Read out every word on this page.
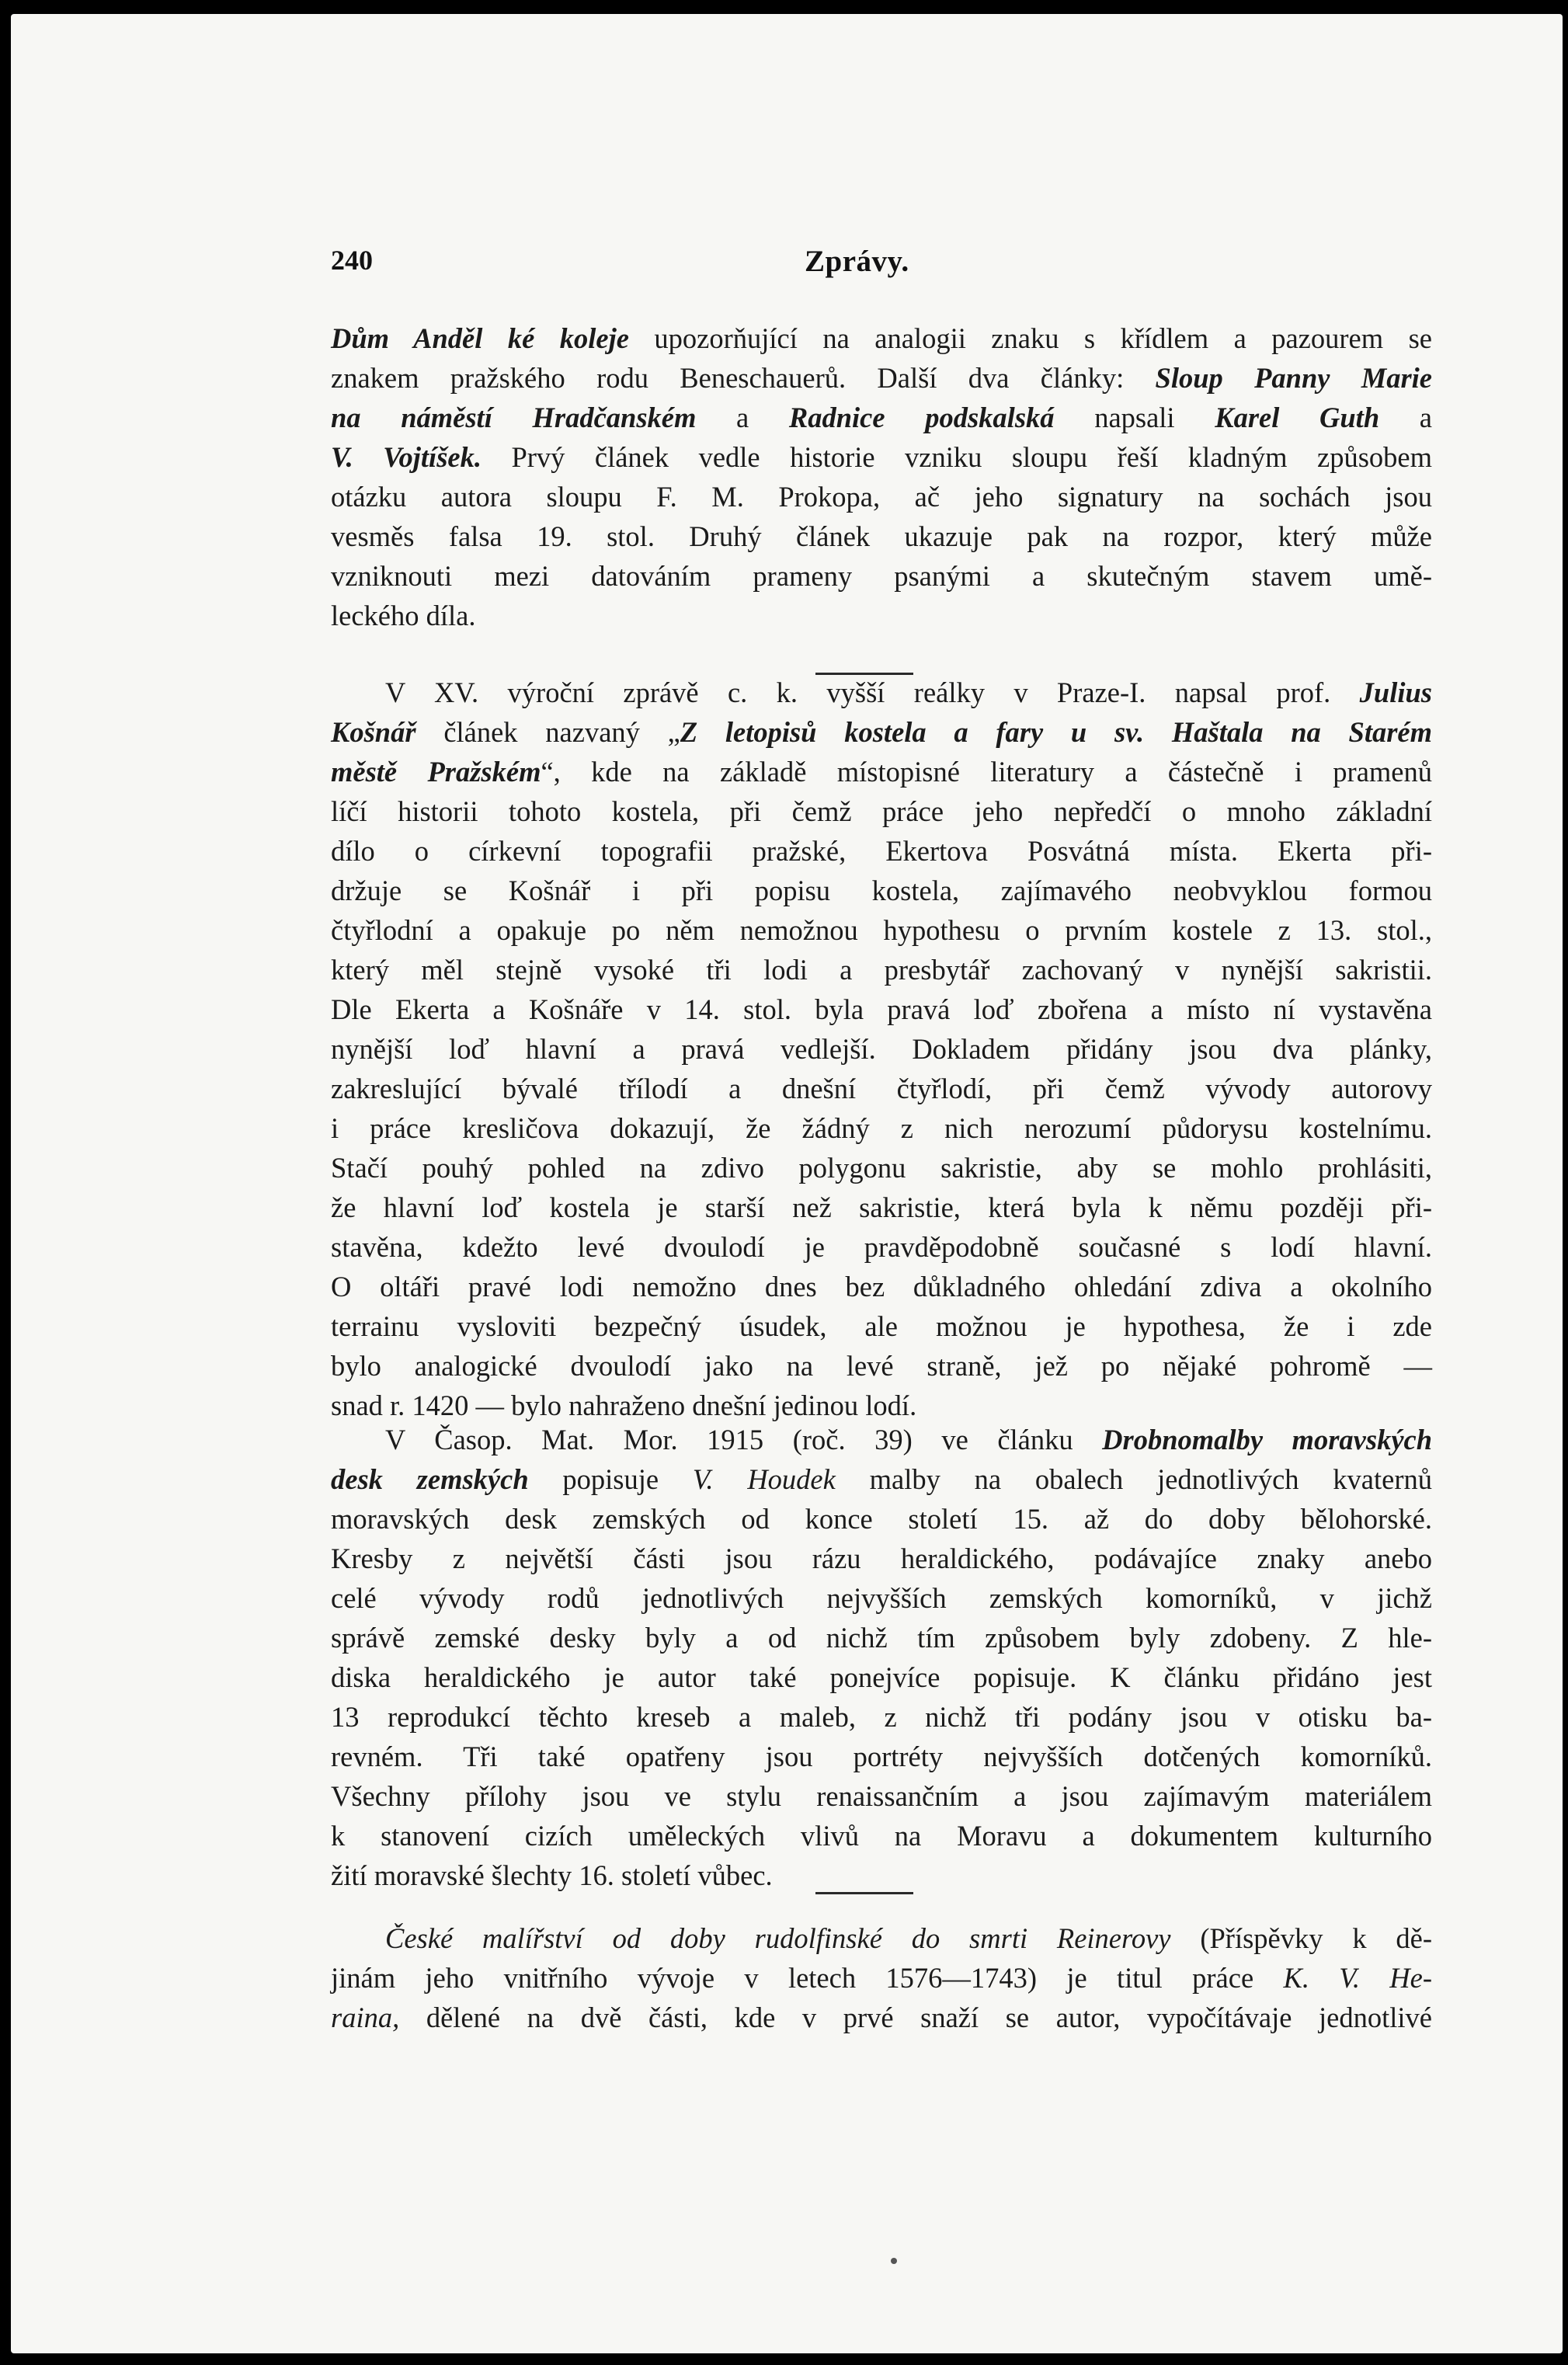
240	Zprávy.

Dům Anděl ké koleje upozorňující na analogii znaku s křídlem a pazourem se
znakem pražského rodu Beneschauerů. Další dva články: Sloup Panny Marie
na náměstí Hradčanském a Radnice podskalská napsali Karel Guth a
V. Vojtíšek. Prvý článek vedle historie vzniku sloupu řeší kladným způsobem
otázku autora sloupu F. M. Prokopa, ač jeho signatury na sochách jsou
vesměs falsa 19. stol. Druhý článek ukazuje pak na rozpor, který může
vzniknouti mezi datováním prameny psanými a skutečným stavem umě-
leckého díla.

V XV. výroční zprávě c. k. vyšší reálky v Praze-I. napsal prof. Julius
Košnář článek nazvaný „Z letopisů kostela a fary u sv. Haštala na Starém
městě Pražském“, kde na základě místopisné literatury a částečně i pramenů
líčí historii tohoto kostela, při čemž práce jeho nepředčí o mnoho základní
dílo o církevní topografii pražské, Ekertova Posvátná místa. Ekerta při-
držuje se Košnář i při popisu kostela, zajímavého neobvyklou formou
čtyřlodní a opakuje po něm nemožnou hypothesu o prvním kostele z 13. stol.,
který měl stejně vysoké tři lodi a presbytář zachovaný v nynější sakristii.
Dle Ekerta a Košnáře v 14. stol. byla pravá loď zbořena a místo ní vystavěna
nynější loď hlavní a pravá vedlejší. Dokladem přidány jsou dva plánky,
zakreslující bývalé třílodí a dnešní čtyřlodí, při čemž vývody autorovy
i práce kresličova dokazují, že žádný z nich nerozumí půdorysu kostelnímu.
Stačí pouhý pohled na zdivo polygonu sakristie, aby se mohlo prohlásiti,
že hlavní loď kostela je starší než sakristie, která byla k němu později při-
stavěna, kdežto levé dvoulodí je pravděpodobně současné s lodí hlavní.
O oltáři pravé lodi nemožno dnes bez důkladného ohledání zdiva a okolního
terrainu vysloviti bezpečný úsudek, ale možnou je hypothesa, že i zde
bylo analogické dvoulodí jako na levé straně, jež po nějaké pohromě —
snad r. 1420 — bylo nahraženo dnešní jedinou lodí.

V Časop. Mat. Mor. 1915 (roč. 39) ve článku Drobnomalby moravských
desk zemských popisuje V. Houdek malby na obalech jednotlivých kvaternů
moravských desk zemských od konce století 15. až do doby bělohorské.
Kresby z největší části jsou rázu heraldického, podávajíce znaky anebo
celé vývody rodů jednotlivých nejvyšších zemských komorníků, v jichž
správě zemské desky byly a od nichž tím způsobem byly zdobeny. Z hle-
diska heraldického je autor také ponejvíce popisuje. K článku přidáno jest
13 reprodukcí těchto kreseb a maleb, z nichž tři podány jsou v otisku ba-
revném. Tři také opatřeny jsou portréty nejvyšších dotčených komorníků.
Všechny přílohy jsou ve stylu renaissančním a jsou zajímavým materiálem
k stanovení cizích uměleckých vlivů na Moravu a dokumentem kulturního
žití moravské šlechty 16. století vůbec.

České malířství od doby rudolfinské do smrti Reinerovy (Příspěvky k dě-
jinám jeho vnitřního vývoje v letech 1576—1743) je titul práce K. V. He-
raina, dělené na dvě části, kde v prvé snaží se autor, vypočítávaje jednotlivé
